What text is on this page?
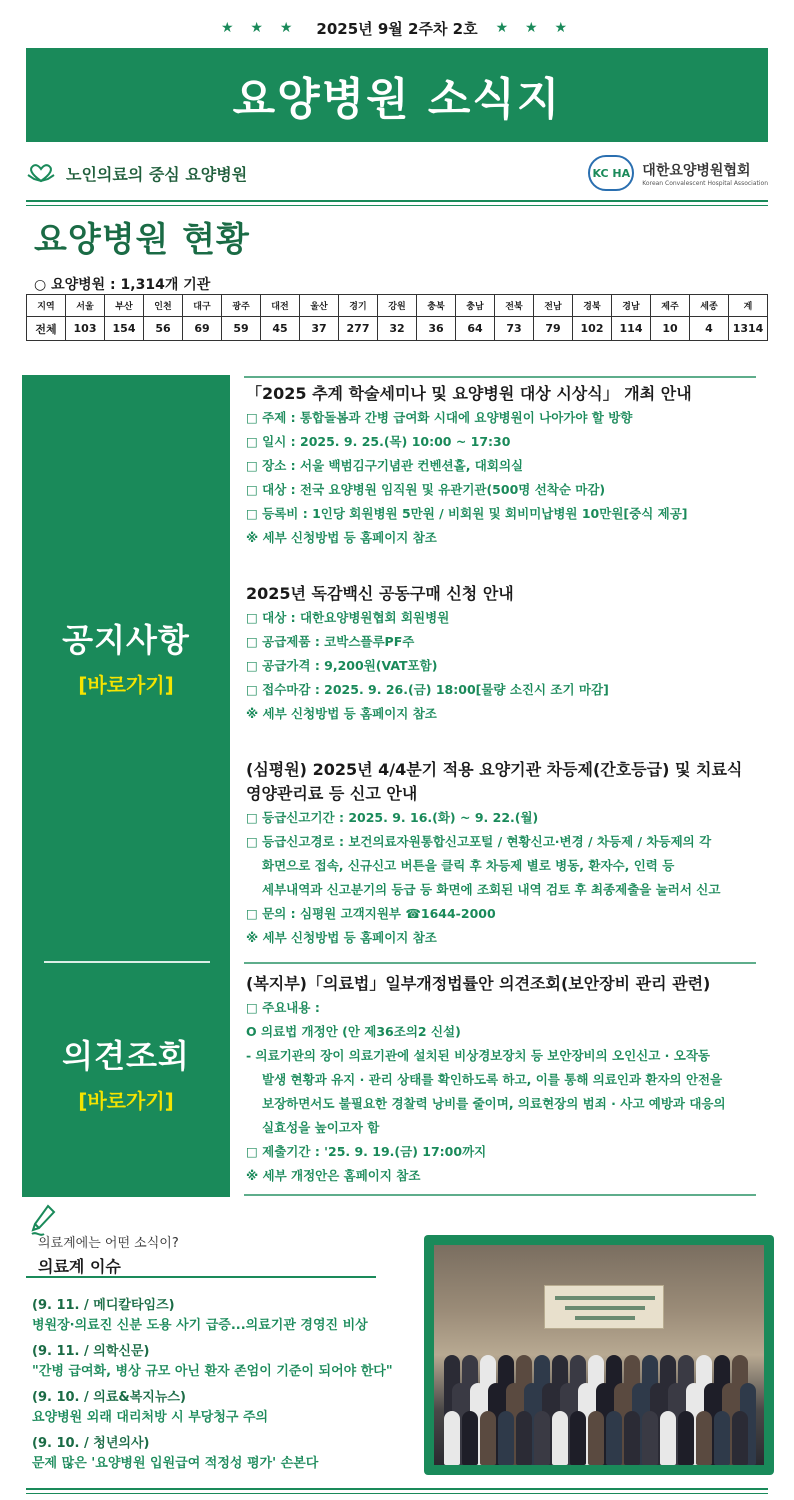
★ ★ ★ 2025년 9월 2주차 2호 ★ ★ ★
요양병원 소식지
노인의료의 중심 요양병원	KC HA 대한요양병원협회
Korean Convalescent Hospital Association
요양병원 현황
○ 요양병원 : 1,314개 기관
지역	서울	부산	인천	대구	광주	대전	울산	경기	강원	충북	충남	전북	전남	경북	경남	제주	세종	계
전체	103	154	56	69	59	45	37	277	32	36	64	73	79	102	114	10	4	1314
공지사항
[바로가기]
의견조회
[바로가기]
「2025 추계 학술세미나 및 요양병원 대상 시상식」 개최 안내
□ 주제 : 통합돌봄과 간병 급여화 시대에 요양병원이 나아가야 할 방향
□ 일시 : 2025. 9. 25.(목) 10:00 ~ 17:30
□ 장소 : 서울 백범김구기념관 컨벤션홀, 대회의실
□ 대상 : 전국 요양병원 임직원 및 유관기관(500명 선착순 마감)
□ 등록비 : 1인당 회원병원 5만원 / 비회원 및 회비미납병원 10만원[중식 제공]
※ 세부 신청방법 등 홈페이지 참조
2025년 독감백신 공동구매 신청 안내
□ 대상 : 대한요양병원협회 회원병원
□ 공급제품 : 코박스플루PF주
□ 공급가격 : 9,200원(VAT포함)
□ 접수마감 : 2025. 9. 26.(금) 18:00[물량 소진시 조기 마감]
※ 세부 신청방법 등 홈페이지 참조
(심평원) 2025년 4/4분기 적용 요양기관 차등제(간호등급) 및 치료식
영양관리료 등 신고 안내
□ 등급신고기간 : 2025. 9. 16.(화) ~ 9. 22.(월)
□ 등급신고경로 : 보건의료자원통합신고포털 / 현황신고·변경 / 차등제 / 차등제의 각
화면으로 접속, 신규신고 버튼을 클릭 후 차등제 별로 병동, 환자수, 인력 등
세부내역과 신고분기의 등급 등 화면에 조회된 내역 검토 후 최종제출을 눌러서 신고
□ 문의 : 심평원 고객지원부 ☎1644-2000
※ 세부 신청방법 등 홈페이지 참조
(복지부)「의료법」일부개정법률안 의견조회(보안장비 관리 관련)
□ 주요내용 :
O 의료법 개정안 (안 제36조의2 신설)
- 의료기관의 장이 의료기관에 설치된 비상경보장치 등 보안장비의 오인신고 · 오작동
발생 현황과 유지 · 관리 상태를 확인하도록 하고, 이를 통해 의료인과 환자의 안전을
보장하면서도 불필요한 경찰력 낭비를 줄이며, 의료현장의 범죄 · 사고 예방과 대응의
실효성을 높이고자 함
□ 제출기간 : '25. 9. 19.(금) 17:00까지
※ 세부 개정안은 홈페이지 참조
의료계에는 어떤 소식이?
의료계 이슈
(9. 11. / 메디칼타임즈)
병원장·의료진 신분 도용 사기 급증...의료기관 경영진 비상
(9. 11. / 의학신문)
"간병 급여화, 병상 규모 아닌 환자 존엄이 기준이 되어야 한다"
(9. 10. / 의료&복지뉴스)
요양병원 외래 대리처방 시 부당청구 주의
(9. 10. / 청년의사)
문제 많은 '요양병원 입원급여 적정성 평가' 손본다
